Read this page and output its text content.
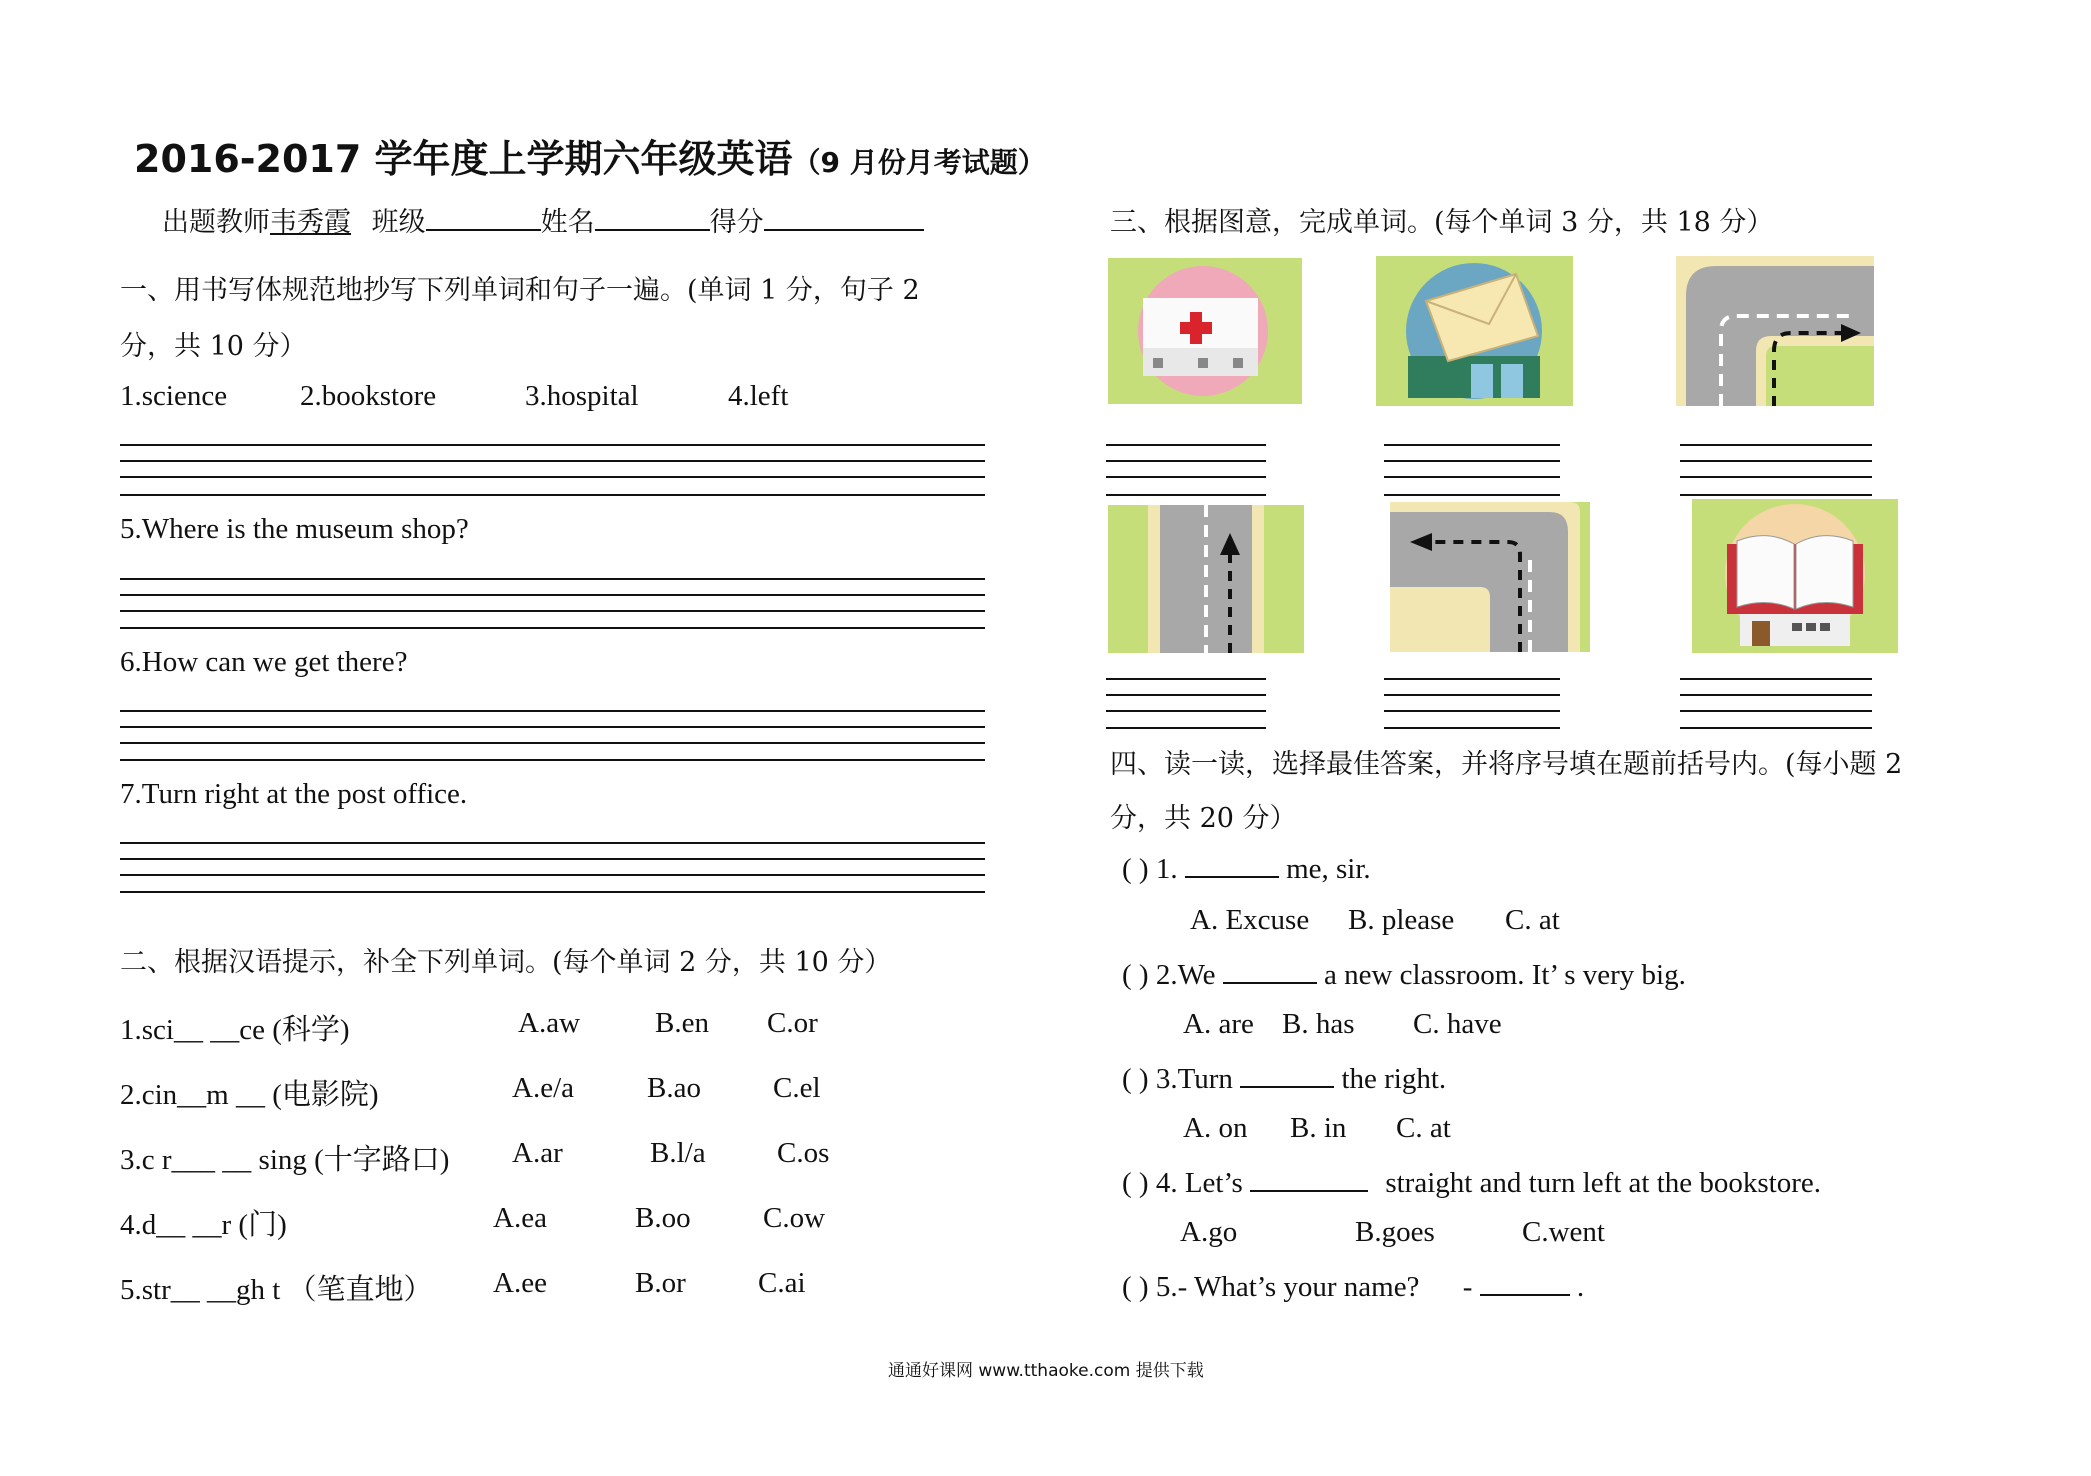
2016-2017 学年度上学期六年级英语（9 月份月考试题）
出题教师韦秀霞 班级	姓名	得分
一、用书写体规范地抄写下列单词和句子一遍。(单词 1 分，句子 2
分，共 10 分）
1.science	2.bookstore	3.hospital	4.left
5.Where is the museum shop?
6.How can we get there?
7.Turn right at the post office.
二、根据汉语提示，补全下列单词。(每个单词 2 分，共 10 分）
1.sci__ __ce (科学)	A.aw	B.en C.or
2.cin__m __ (电影院)	A.e/a	B.ao C.el
3.c r___ __ sing (十字路口) A.ar	B.l/a C.os
4.d__ __r (门)	A.ea	B.oo C.ow
5.str__ __gh t （笔直地） A.ee	B.or C.ai
三、根据图意，完成单词。(每个单词 3 分，共 18 分）
四、读一读，选择最佳答案，并将序号填在题前括号内。(每小题 2
分，共 20 分）
( ) 1.	me, sir.
A. Excuse B. please C. at
( ) 2.We	a new classroom. It’ s very big.
A. are B. has C. have
( ) 3.Turn	the right.
A. on B. in C. at
( ) 4. Let’s	straight and turn left at the bookstore.
A.go	B.goes	C.went
( ) 5.- What’s your name? -	.
通通好课网 www.tthaoke.com 提供下载
